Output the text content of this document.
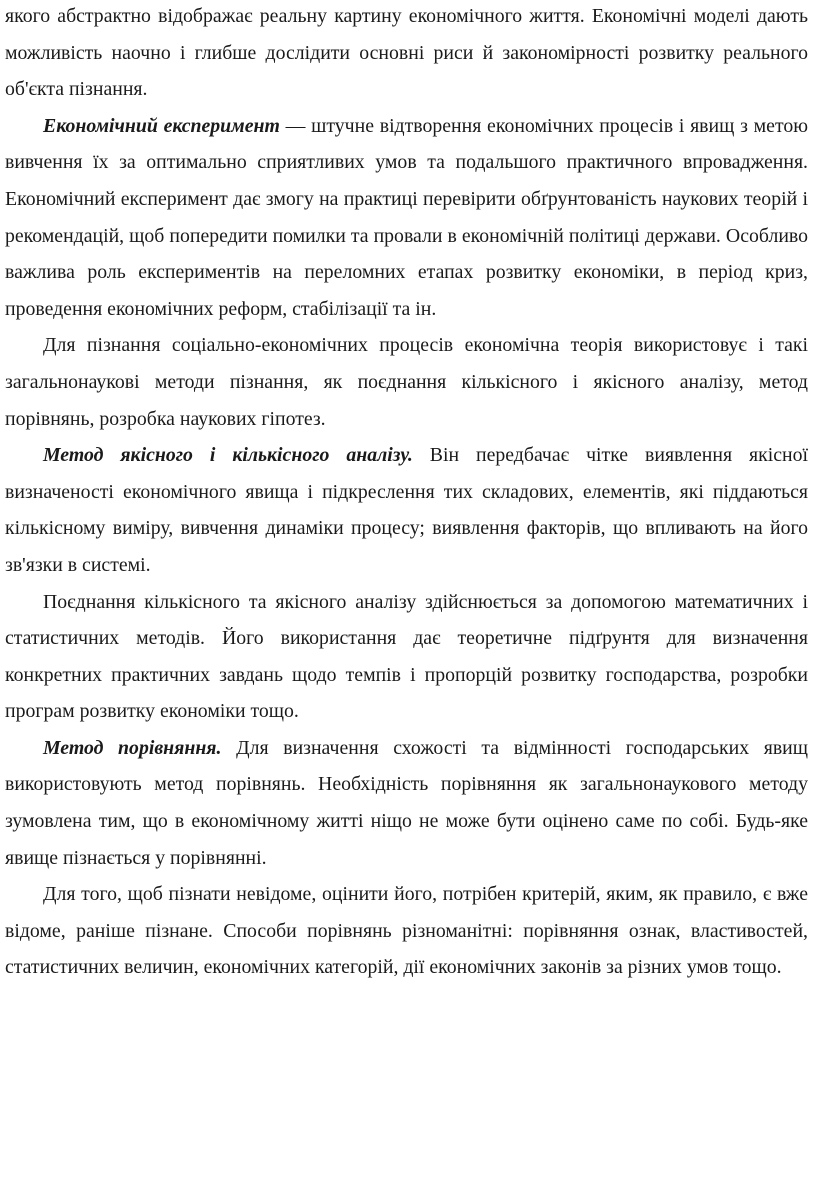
якого абстрактно відображає реальну картину економічного життя. Економічні моделі дають можливість наочно і глибше дослідити основні риси й закономірності розвитку реального об'єкта пізнання.

Економічний експеримент — штучне відтворення економічних процесів і явищ з метою вивчення їх за оптимально сприятливих умов та подальшого практичного впровадження. Економічний експеримент дає змогу на практиці перевірити обґрунтованість наукових теорій і рекомендацій, щоб попередити помилки та провали в економічній політиці держави. Особливо важлива роль експериментів на переломних етапах розвитку економіки, в період криз, проведення економічних реформ, стабілізації та ін.

Для пізнання соціально-економічних процесів економічна теорія використовує і такі загальнонаукові методи пізнання, як поєднання кількісного і якісного аналізу, метод порівнянь, розробка наукових гіпотез.

Метод якісного і кількісного аналізу. Він передбачає чітке виявлення якісної визначеності економічного явища і підкреслення тих складових, елементів, які піддаються кількісному виміру, вивчення динаміки процесу; виявлення факторів, що впливають на його зв'язки в системі.

Поєднання кількісного та якісного аналізу здійснюється за допомогою математичних і статистичних методів. Його використання дає теоретичне підґрунтя для визначення конкретних практичних завдань щодо темпів і пропорцій розвитку господарства, розробки програм розвитку економіки тощо.

Метод порівняння. Для визначення схожості та відмінності господарських явищ використовують метод порівнянь. Необхідність порівняння як загальнонаукового методу зумовлена тим, що в економічному житті ніщо не може бути оцінено саме по собі. Будь-яке явище пізнається у порівнянні.

Для того, щоб пізнати невідоме, оцінити його, потрібен критерій, яким, як правило, є вже відоме, раніше пізнане. Способи порівнянь різноманітні: порівняння ознак, властивостей, статистичних величин, економічних категорій, дії економічних законів за різних умов тощо.
